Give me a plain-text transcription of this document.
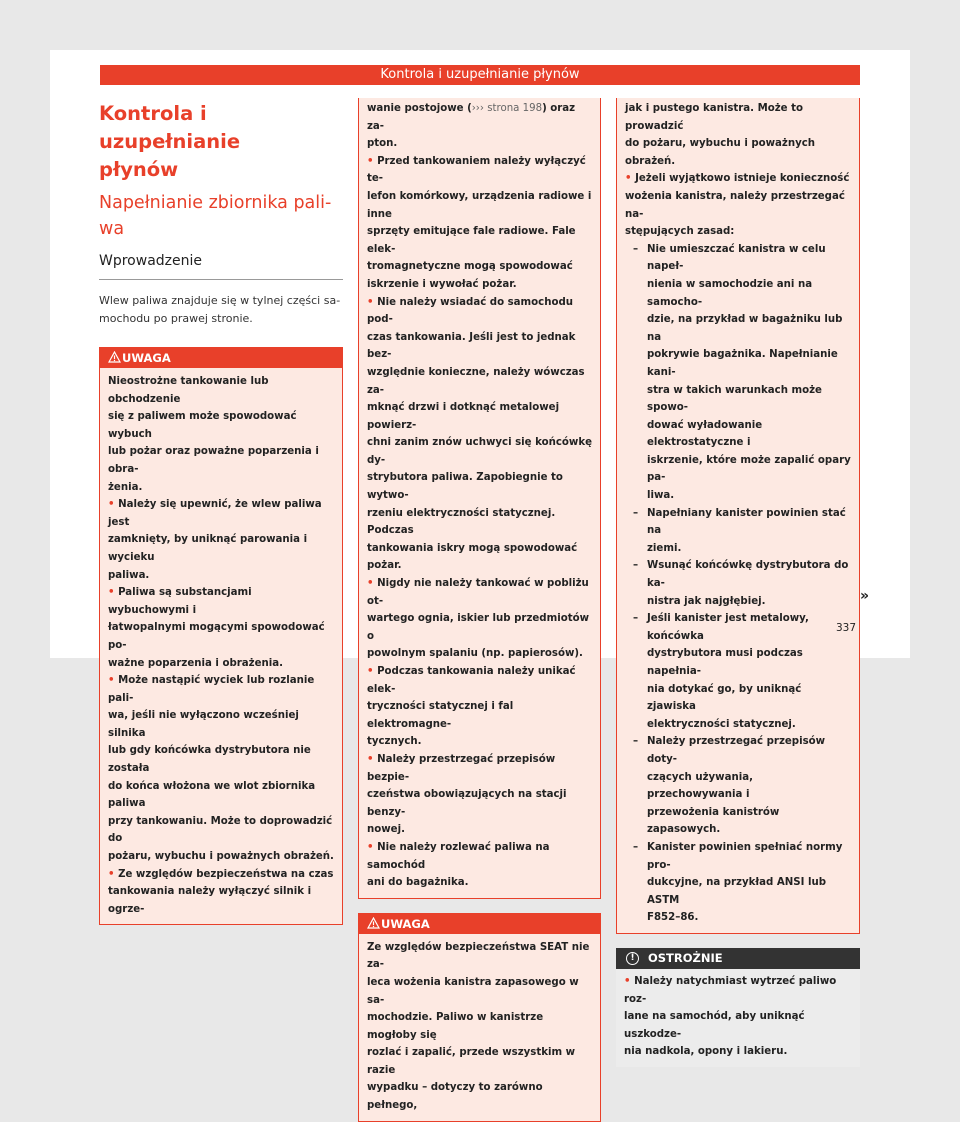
Kontrola i uzupełnianie płynów
Kontrola i uzupełnianie
płynów
Napełnianie zbiornika pali-
wa
Wprowadzenie
Wlew paliwa znajduje się w tylnej części sa-
mochodu po prawej stronie.
UWAGA
Nieostrożne tankowanie lub obchodzenie
się z paliwem może spowodować wybuch
lub pożar oraz poważne poparzenia i obra-
żenia.
• Należy się upewnić, że wlew paliwa jest
zamknięty, by uniknąć parowania i wycieku
paliwa.
• Paliwa są substancjami wybuchowymi i
łatwopalnymi mogącymi spowodować po-
ważne poparzenia i obrażenia.
• Może nastąpić wyciek lub rozlanie pali-
wa, jeśli nie wyłączono wcześniej silnika
lub gdy końcówka dystrybutora nie została
do końca włożona we wlot zbiornika paliwa
przy tankowaniu. Może to doprowadzić do
pożaru, wybuchu i poważnych obrażeń.
• Ze względów bezpieczeństwa na czas
tankowania należy wyłączyć silnik i ogrze-
wanie postojowe (››› strona 198) oraz za-
pton.
• Przed tankowaniem należy wyłączyć te-
lefon komórkowy, urządzenia radiowe i inne
sprzęty emitujące fale radiowe. Fale elek-
tromagnetyczne mogą spowodować
iskrzenie i wywołać pożar.
• Nie należy wsiadać do samochodu pod-
czas tankowania. Jeśli jest to jednak bez-
względnie konieczne, należy wówczas za-
mknąć drzwi i dotknąć metalowej powierz-
chni zanim znów uchwyci się końcówkę dy-
strybutora paliwa. Zapobiegnie to wytwo-
rzeniu elektryczności statycznej. Podczas
tankowania iskry mogą spowodować pożar.
• Nigdy nie należy tankować w pobliżu ot-
wartego ognia, iskier lub przedmiotów o
powolnym spalaniu (np. papierosów).
• Podczas tankowania należy unikać elek-
tryczności statycznej i fal elektromagne-
tycznych.
• Należy przestrzegać przepisów bezpie-
czeństwa obowiązujących na stacji benzy-
nowej.
• Nie należy rozlewać paliwa na samochód
ani do bagażnika.
UWAGA
Ze względów bezpieczeństwa SEAT nie za-
leca wożenia kanistra zapasowego w sa-
mochodzie. Paliwo w kanistrze mogłoby się
rozlać i zapalić, przede wszystkim w razie
wypadku – dotyczy to zarówno pełnego,
jak i pustego kanistra. Może to prowadzić
do pożaru, wybuchu i poważnych obrażeń.
• Jeżeli wyjątkowo istnieje konieczność
wożenia kanistra, należy przestrzegać na-
stępujących zasad:
– Nie umieszczać kanistra w celu napeł-
nienia w samochodzie ani na samocho-
dzie, na przykład w bagażniku lub na
pokrywie bagażnika. Napełnianie kani-
stra w takich warunkach może spowo-
dować wyładowanie elektrostatyczne i
iskrzenie, które może zapalić opary pa-
liwa.
– Napełniany kanister powinien stać na
ziemi.
– Wsunąć końcówkę dystrybutora do ka-
nistra jak najgłębiej.
– Jeśli kanister jest metalowy, końcówka
dystrybutora musi podczas napełnia-
nia dotykać go, by uniknąć zjawiska
elektryczności statycznej.
– Należy przestrzegać przepisów doty-
czących używania, przechowywania i
przewożenia kanistrów zapasowych.
– Kanister powinien spełniać normy pro-
dukcyjne, na przykład ANSI lub ASTM
F852–86.
!	OSTROŻNIE
• Należy natychmiast wytrzeć paliwo roz-
lane na samochód, aby uniknąć uszkodze-
nia nadkola, opony i lakieru.
»
337
